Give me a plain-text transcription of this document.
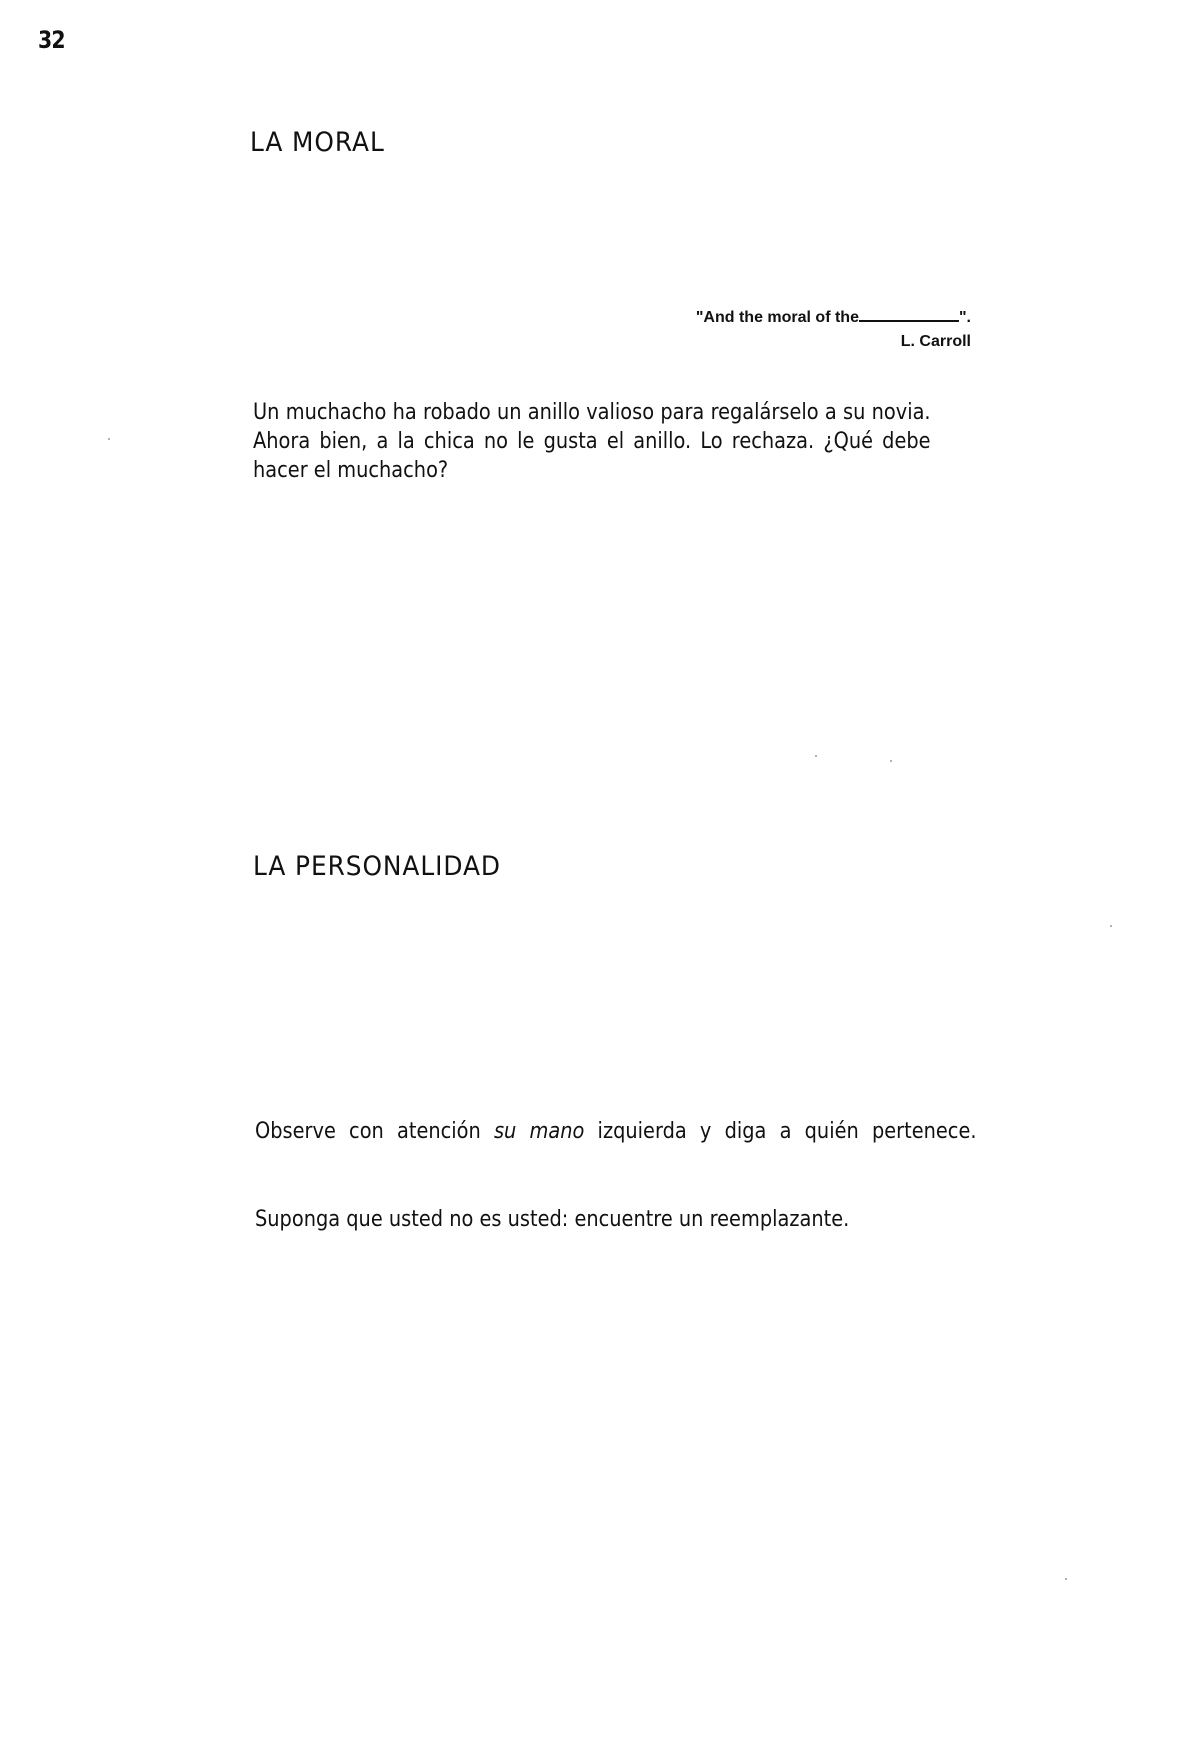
32
LA MORAL
"And the moral of the	".
L. Carroll

Un muchacho ha robado un anillo valioso para regalárselo a su novia. Ahora bien, a la chica no le gusta el anillo. Lo rechaza. ¿Qué debe hacer el muchacho?

LA PERSONALIDAD

Observe con atención su mano izquierda y diga a quién pertenece.

Suponga que usted no es usted: encuentre un reemplazante.
